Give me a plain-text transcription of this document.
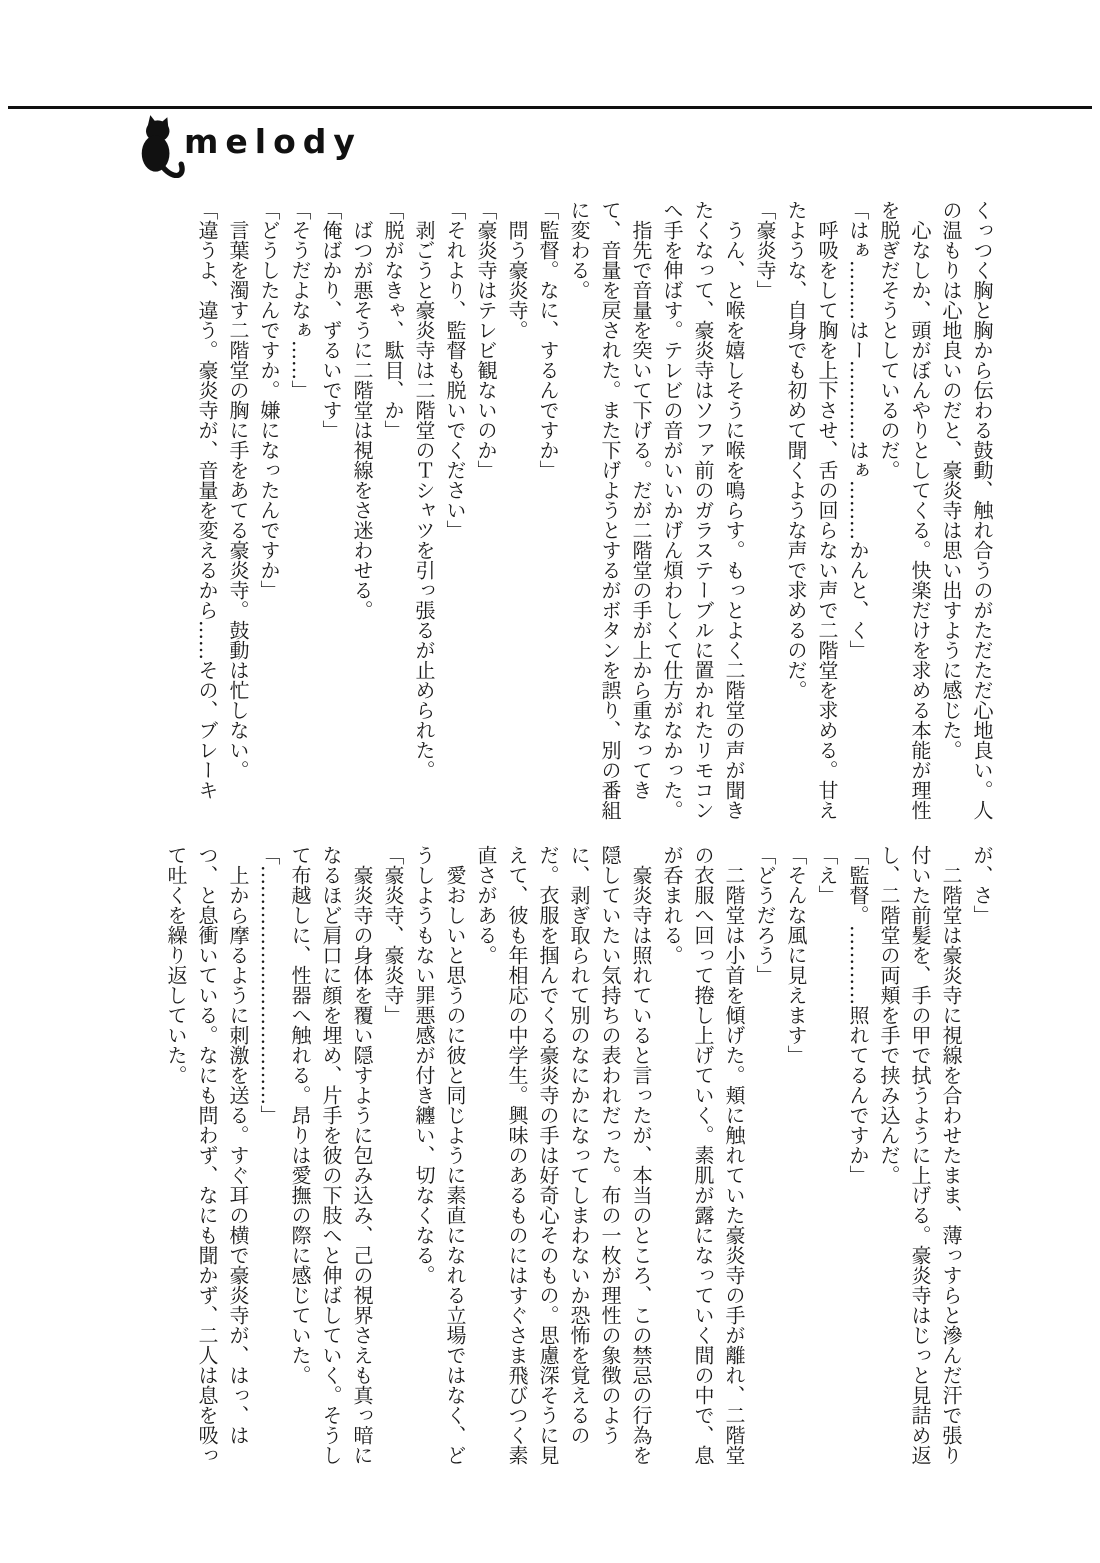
melody

くっつく胸と胸から伝わる鼓動、触れ合うのがただただ心地良い。人の温もりは心地良いのだと、豪炎寺は思い出すように感じた。

心なしか、頭がぼんやりとしてくる。快楽だけを求める本能が理性を脱ぎだそうとしているのだ。

「はぁ………はー…………はぁ………かんと、く」

呼吸をして胸を上下させ、舌の回らない声で二階堂を求める。甘えたような、自身でも初めて聞くような声で求めるのだ。

「豪炎寺」

うん、と喉を嬉しそうに喉を鳴らす。もっとよく二階堂の声が聞きたくなって、豪炎寺はソファ前のガラステーブルに置かれたリモコンへ手を伸ばす。テレビの音がいいかげん煩わしくて仕方がなかった。

指先で音量を突いて下げる。だが二階堂の手が上から重なってきて、音量を戻された。また下げようとするがボタンを誤り、別の番組に変わる。

「監督。なに、するんですか」

問う豪炎寺。

「豪炎寺はテレビ観ないのか」

「それより、監督も脱いでください」

剥ごうと豪炎寺は二階堂のＴシャツを引っ張るが止められた。

「脱がなきゃ、駄目、か」

ばつが悪そうに二階堂は視線をさ迷わせる。

「俺ばかり、ずるいです」

「そうだよなぁ……」

「どうしたんですか。嫌になったんですか」

言葉を濁す二階堂の胸に手をあてる豪炎寺。鼓動は忙しない。

「違うよ、違う。豪炎寺が、音量を変えるから……その、ブレーキ

が、さ」

二階堂は豪炎寺に視線を合わせたまま、薄っすらと滲んだ汗で張り付いた前髪を、手の甲で拭うように上げる。豪炎寺はじっと見詰め返し、二階堂の両頬を手で挟み込んだ。

「監督。…………照れてるんですか」

「え」

「そんな風に見えます」

「どうだろう」

二階堂は小首を傾げた。頬に触れていた豪炎寺の手が離れ、二階堂の衣服へ回って捲し上げていく。素肌が露になっていく間の中で、息が呑まれる。

豪炎寺は照れていると言ったが、本当のところ、この禁忌の行為を隠していたい気持ちの表われだった。布の一枚が理性の象徴のように、剥ぎ取られて別のなにかになってしまわないか恐怖を覚えるのだ。衣服を掴んでくる豪炎寺の手は好奇心そのもの。思慮深そうに見えて、彼も年相応の中学生。興味のあるものにはすぐさま飛びつく素直さがある。

愛おしいと思うのに彼と同じように素直になれる立場ではなく、どうしようもない罪悪感が付き纏い、切なくなる。

「豪炎寺、豪炎寺」

豪炎寺の身体を覆い隠すように包み込み、己の視界さえも真っ暗になるほど肩口に顔を埋め、片手を彼の下肢へと伸ばしていく。そうして布越しに、性器へ触れる。昂りは愛撫の際に感じていた。

「………………………………」

上から摩るように刺激を送る。すぐ耳の横で豪炎寺が、はっ、はつ、と息衝いている。なにも問わず、なにも聞かず、二人は息を吸って吐くを繰り返していた。
